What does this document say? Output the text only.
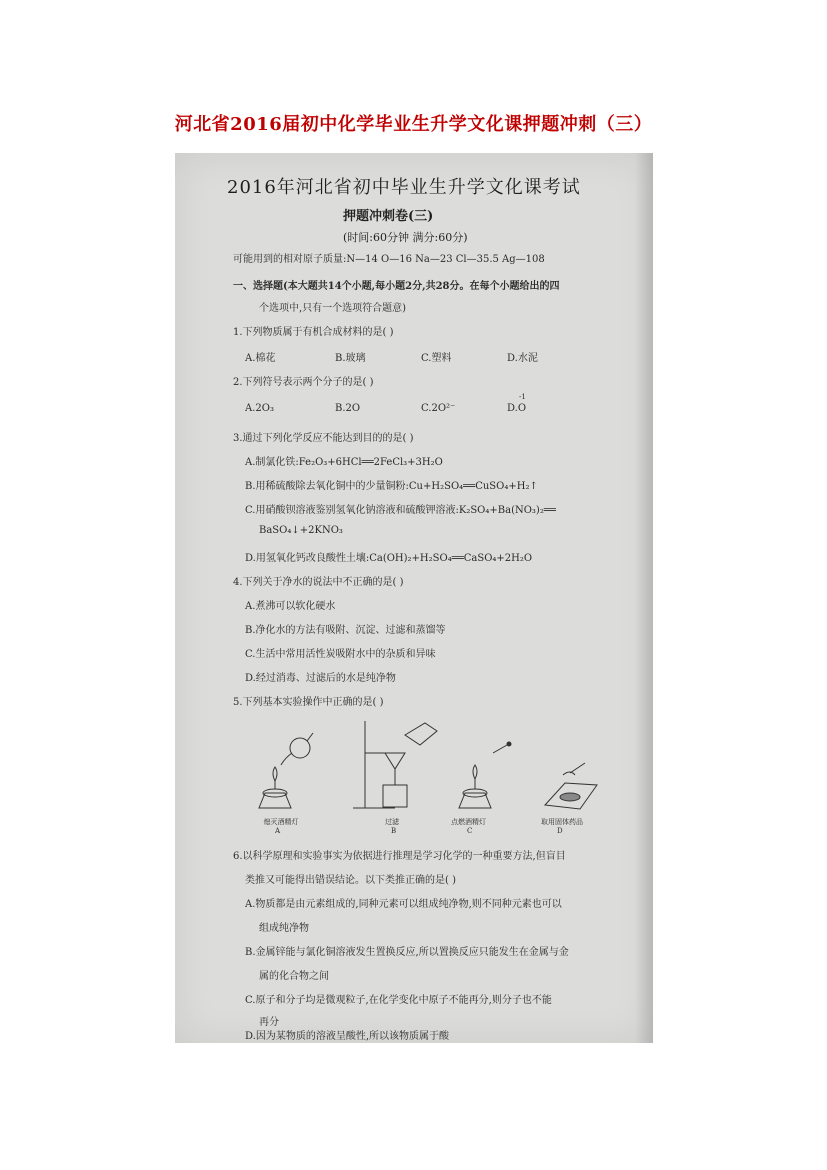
河北省2016届初中化学毕业生升学文化课押题冲刺（三）
2016年河北省初中毕业生升学文化课考试
押题冲刺卷(三)
(时间:60分钟 满分:60分)
可能用到的相对原子质量:N—14 O—16 Na—23 Cl—35.5 Ag—108
一、选择题(本大题共14个小题,每小题2分,共28分。在每个小题给出的四
个选项中,只有一个选项符合题意)
1.下列物质属于有机合成材料的是( )
A.棉花	B.玻璃	C.塑料	D.水泥
2.下列符号表示两个分子的是( )
A.2O₃	B.2O	C.2O²⁻	D.O
-1
3.通过下列化学反应不能达到目的的是( )
A.制氯化铁:Fe₂O₃+6HCl══2FeCl₃+3H₂O
B.用稀硫酸除去氧化铜中的少量铜粉:Cu+H₂SO₄══CuSO₄+H₂↑
C.用硝酸钡溶液鉴别氢氧化钠溶液和硫酸钾溶液:K₂SO₄+Ba(NO₃)₂══
BaSO₄↓+2KNO₃
D.用氢氧化钙改良酸性土壤:Ca(OH)₂+H₂SO₄══CaSO₄+2H₂O
4.下列关于净水的说法中不正确的是( )
A.煮沸可以软化硬水
B.净化水的方法有吸附、沉淀、过滤和蒸馏等
C.生活中常用活性炭吸附水中的杂质和异味
D.经过消毒、过滤后的水是纯净物
5.下列基本实验操作中正确的是( )
熄灭酒精灯
A
过滤
B
点燃酒精灯
C
取用固体药品
D
6.以科学原理和实验事实为依据进行推理是学习化学的一种重要方法,但盲目
类推又可能得出错误结论。以下类推正确的是( )
A.物质都是由元素组成的,同种元素可以组成纯净物,则不同种元素也可以
组成纯净物
B.金属锌能与氯化铜溶液发生置换反应,所以置换反应只能发生在金属与金
属的化合物之间
C.原子和分子均是微观粒子,在化学变化中原子不能再分,则分子也不能
再分
D.因为某物质的溶液呈酸性,所以该物质属于酸
